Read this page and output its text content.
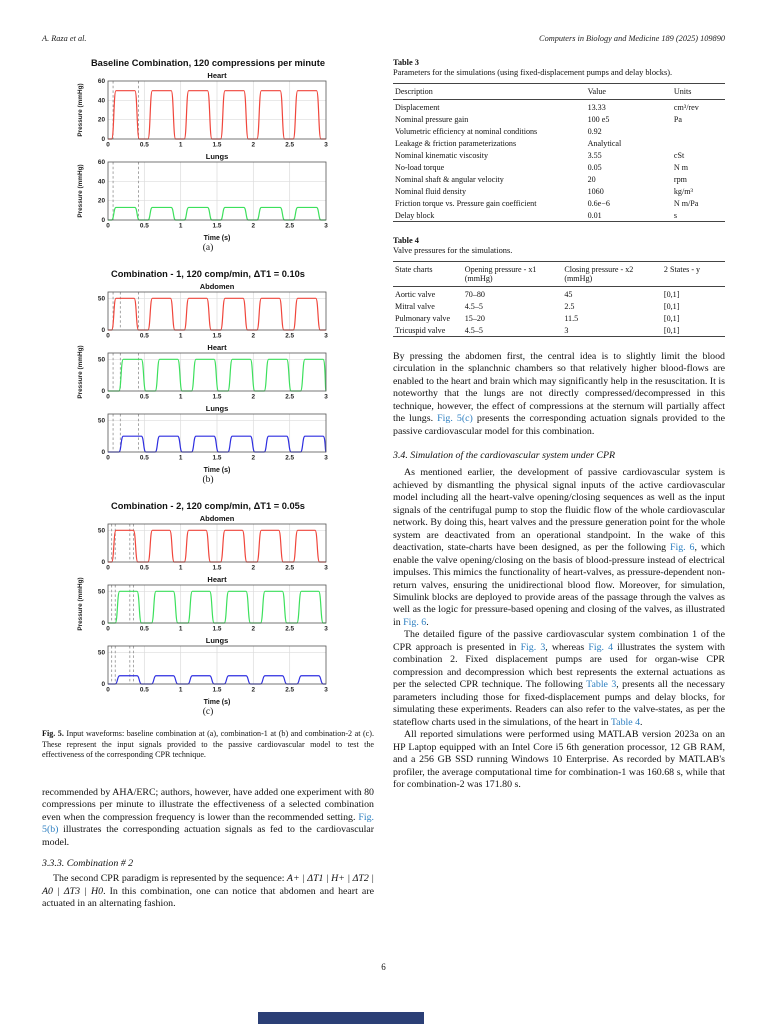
A. Raza et al.	Computers in Biology and Medicine 189 (2025) 109890
Baseline Combination, 120 compressions per minute
Heart
0
20
40
60
0	0.5	1	1.5	2	2.5	3
Pressure (mmHg)
Lungs
0
20
40
60
0	0.5	1	1.5	2	2.5	3
Pressure (mmHg)
Time (s)
(a)
Combination - 1, 120 comp/min, ΔT1 = 0.10s
Abdomen
0
50
0	0.5	1	1.5	2	2.5	3
Heart
0
50
0	0.5	1	1.5	2	2.5	3
Pressure (mmHg)
Lungs
0
50
0	0.5	1	1.5	2	2.5	3
Time (s)
(b)
Combination - 2, 120 comp/min, ΔT1 = 0.05s
Abdomen
0
50
0	0.5	1	1.5	2	2.5	3
Heart
0
50
0	0.5	1	1.5	2	2.5	3
Pressure (mmHg)
Lungs
0
50
0	0.5	1	1.5	2	2.5	3
Time (s)
(c)
Fig. 5. Input waveforms: baseline combination at (a), combination-1 at (b) and combination-2 at (c). These represent the input signals provided to the passive cardiovascular model to test the effectiveness of the corresponding CPR technique.

recommended by AHA/ERC; authors, however, have added one experiment with 80 compressions per minute to illustrate the effectiveness of a selected combination even when the compression frequency is lower than the recommended setting. Fig. 5(b) illustrates the corresponding actuation signals as fed to the cardiovascular model.

3.3.3. Combination # 2

The second CPR paradigm is represented by the sequence: A+ | ΔT1 | H+ | ΔT2 | A0 | ΔT3 | H0. In this combination, one can notice that abdomen and heart are actuated in an alternating fashion.

Table 3
Parameters for the simulations (using fixed-displacement pumps and delay blocks).
Description	Value	Units
Displacement	13.33	cm³/rev
Nominal pressure gain	100 e5	Pa
Volumetric efficiency at nominal conditions	0.92	
Leakage & friction parameterizations	Analytical	
Nominal kinematic viscosity	3.55	cSt
No-load torque	0.05	N m
Nominal shaft & angular velocity	20	rpm
Nominal fluid density	1060	kg/m³
Friction torque vs. Pressure gain coefficient	0.6e−6	N m/Pa
Delay block	0.01	s
Table 4
Valve pressures for the simulations.
State charts	Opening pressure - x1 (mmHg)	Closing pressure - x2 (mmHg)	2 States - y
Aortic valve	70–80	45	[0,1]
Mitral valve	4.5–5	2.5	[0,1]
Pulmonary valve	15–20	11.5	[0,1]
Tricuspid valve	4.5–5	3	[0,1]

By pressing the abdomen first, the central idea is to slightly limit the blood circulation in the splanchnic chambers so that relatively higher blood-flows are enabled to the heart and brain which may significantly help in the resuscitation. It is noteworthy that the lungs are not directly compressed/decompressed in this technique, however, the effect of compressions at the sternum will partially affect the lungs. Fig. 5(c) presents the corresponding actuation signals provided to the passive cardiovascular model for this combination.

3.4. Simulation of the cardiovascular system under CPR

As mentioned earlier, the development of passive cardiovascular system is achieved by dismantling the physical signal inputs of the active cardiovascular model including all the heart-valve opening/closing sequences as well as the input signals of the centrifugal pump to stop the fluidic flow of the whole cardiovascular network. By doing this, heart valves and the pressure generation point for the whole system are deactivated from an operational standpoint. In the wake of this deactivation, state-charts have been designed, as per the following Fig. 6, which enable the valve opening/closing on the basis of blood-pressure instead of electrical impulses. This mimics the functionality of heart-valves, as pressure-dependent non-return valves, ensuring the unidirectional blood flow. Moreover, for simulation, Simulink blocks are deployed to provide areas of the passage through the valves as well as the logic for pressure-based opening and closing of the valves, as illustrated in Fig. 6.

The detailed figure of the passive cardiovascular system combination 1 of the CPR approach is presented in Fig. 3, whereas Fig. 4 illustrates the system with combination 2. Fixed displacement pumps are used for organ-wise CPR compression and decompression which best represents the external actuations as per the selected CPR technique. The following Table 3, presents all the necessary parameters including those for fixed-displacement pumps and delay blocks, for simulating these experiments. Readers can also refer to the valve-states, as per the stateflow charts used in the simulations, of the heart in Table 4.

All reported simulations were performed using MATLAB version 2023a on an HP Laptop equipped with an Intel Core i5 6th generation processor, 12 GB RAM, and a 256 GB SSD running Windows 10 Enterprise. As recorded by MATLAB's profiler, the average computational time for combination-1 was 160.68 s, while that for combination-2 was 171.80 s.

6
